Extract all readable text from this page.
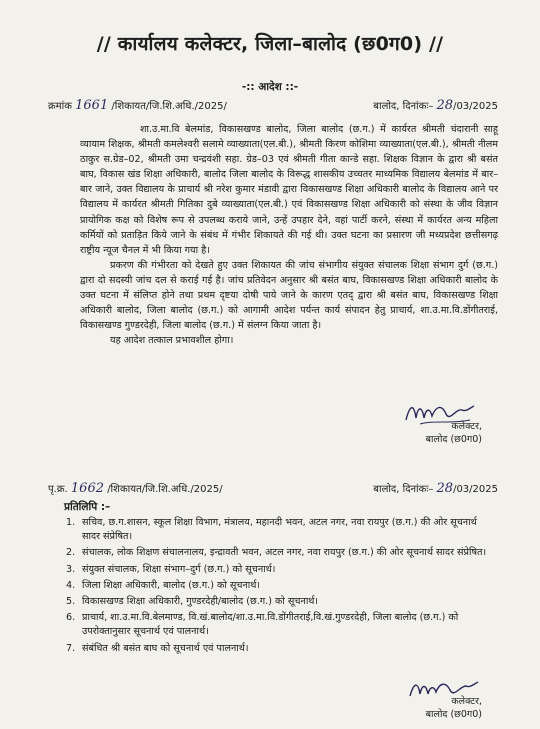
// कार्यालय कलेक्टर, जिला–बालोद (छ0ग0) //
-:: आदेश ::-
क्रमांक 1661 /शिकायत/जि.शि.अधि./2025/	बालोद, दिनांकः– 28/03/2025

शा.उ.मा.वि बेलमांड, विकासखण्ड बालोद, जिला बालोद (छ.ग.) में कार्यरत श्रीमती चंदारानी साहू व्यायाम शिक्षक, श्रीमती कमलेश्वरी सलामे व्याख्याता(एल.बी.), श्रीमती किरण कोशिमा व्याख्याता(एल.बी.), श्रीमती नीलम ठाकुर स.ग्रेड–02, श्रीमती उमा चन्द्रवंशी सहा. ग्रेड–03 एवं श्रीमती गीता कान्डे सहा. शिक्षक विज्ञान के द्वारा श्री बसंत बाघ, विकास खंड शिक्षा अधिकारी, बालोद जिला बालोद के विरूद्ध शासकीय उच्चतर माध्यमिक विद्यालय बेलमांड में बार–बार जाने, उक्त विद्यालय के प्राचार्य श्री नरेश कुमार मंडावी द्वारा विकासखण्ड शिक्षा अधिकारी बालोद के विद्यालय आने पर विद्यालय में कार्यरत श्रीमती गितिका दुबे व्याख्याता(एल.बी.) एवं विकासखण्ड शिक्षा अधिकारी को संस्था के जीव विज्ञान प्रायोगिक कक्ष को विशेष रूप से उपलब्ध कराये जाने, उन्हें उपहार देने, वहां पार्टी करने, संस्था में कार्यरत अन्य महिला कर्मियों को प्रताड़ित किये जाने के संबंध में गंभीर शिकायते की गई थी। उक्त घटना का प्रसारण जी मध्यप्रदेश छत्तीसगढ़ राष्ट्रीय न्यूज चैनल में भी किया गया है।

प्रकरण की गंभीरता को देखते हुए उक्त शिकायत की जांच संभागीय संयुक्त संचालक शिक्षा संभाग दुर्ग (छ.ग.) द्वारा दो सदस्यी जांच दल से कराई गई है। जांच प्रतिवेदन अनुसार श्री बसंत बाघ, विकासखण्ड शिक्षा अधिकारी बालोद के उक्त घटना में संलिप्त होने तथा प्रथम दृष्टया दोषी पाये जाने के कारण एतद् द्वारा श्री बसंत बाघ, विकासखण्ड शिक्षा अधिकारी बालोद, जिला बालोद (छ.ग.) को आगामी आदेश पर्यन्त कार्य संपादन हेतु प्राचार्य, शा.उ.मा.वि.डोंगीतराई, विकासखण्ड गुण्डरदेही, जिला बालोद (छ.ग.) में संलग्न किया जाता है।

यह आदेश तत्काल प्रभावशील होगा।

कलेक्टर,
बालोद (छ0ग0)
पृ.क्र. 1662 /शिकायत/जि.शि.अधि./2025/	बालोद, दिनांकः– 28/03/2025
प्रतिलिपि :–
1. सचिव, छ.ग.शासन, स्कूल शिक्षा विभाग, मंत्रालय, महानदी भवन, अटल नगर, नवा रायपुर (छ.ग.) की ओर सूचनार्थ सादर संप्रेषित।
2. संचालक, लोक शिक्षण संचालनालय, इन्द्रावती भवन, अटल नगर, नवा रायपुर (छ.ग.) की ओर सूचनार्थ सादर संप्रेषित।
3. संयुक्त संचालक, शिक्षा संभाग–दुर्ग (छ.ग.) को सूचनार्थ।
4. जिला शिक्षा अधिकारी, बालोद (छ.ग.) को सूचनार्थ।
5. विकासखण्ड शिक्षा अधिकारी, गुण्डरदेही/बालोद (छ.ग.) को सूचनार्थ।
6. प्राचार्य, शा.उ.मा.वि.बेलमाण्ड, वि.खं.बालोद/शा.उ.मा.वि.डोंगीतराई,वि.खं.गुण्डरदेही, जिला बालोद (छ.ग.) को उपरोक्तानुसार सूचनार्थ एवं पालनार्थ।
7. संबंधित श्री बसंत बाघ को सूचनार्थ एवं पालनार्थ।
कलेक्टर,
बालोद (छ0ग0)
